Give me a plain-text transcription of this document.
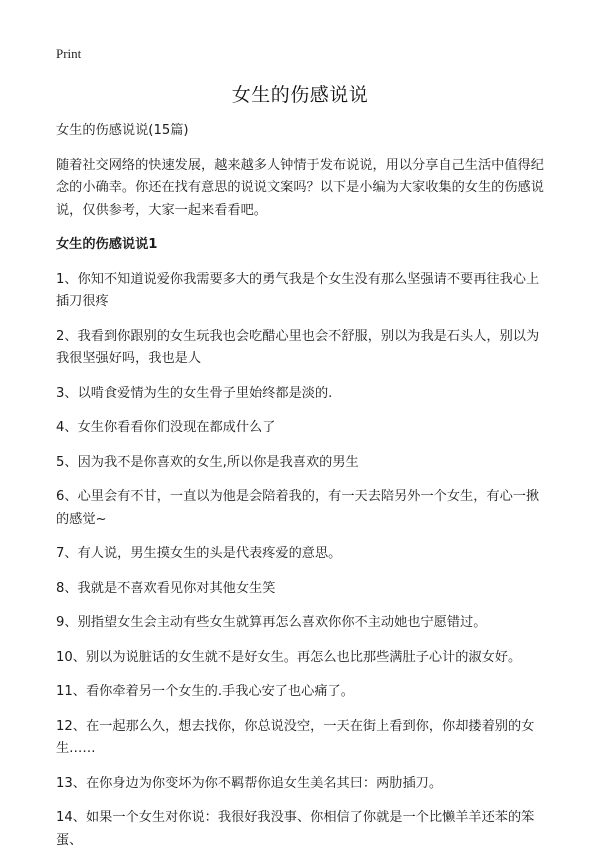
Print
女生的伤感说说

女生的伤感说说(15篇)

随着社交网络的快速发展，越来越多人钟情于发布说说，用以分享自己生活中值得纪念的小确幸。你还在找有意思的说说文案吗？以下是小编为大家收集的女生的伤感说说，仅供参考，大家一起来看看吧。

女生的伤感说说1

1、你知不知道说爱你我需要多大的勇气我是个女生没有那么坚强请不要再往我心上插刀很疼

2、我看到你跟别的女生玩我也会吃醋心里也会不舒服，别以为我是石头人，别以为我很坚强好吗，我也是人

3、以啃食爱情为生的女生骨子里始终都是淡的.

4、女生你看看你们没现在都成什么了

5、因为我不是你喜欢的女生,所以你是我喜欢的男生

6、心里会有不甘，一直以为他是会陪着我的，有一天去陪另外一个女生，有心一揪的感觉~

7、有人说，男生摸女生的头是代表疼爱的意思。

8、我就是不喜欢看见你对其他女生笑

9、别指望女生会主动有些女生就算再怎么喜欢你你不主动她也宁愿错过。

10、别以为说脏话的女生就不是好女生。再怎么也比那些满肚子心计的淑女好。

11、看你牵着另一个女生的.手我心安了也心痛了。

12、在一起那么久，想去找你，你总说没空，一天在街上看到你，你却搂着别的女生……

13、在你身边为你变坏为你不羁帮你追女生美名其曰：两肋插刀。

14、如果一个女生对你说：我很好我没事、你相信了你就是一个比懒羊羊还苯的笨蛋、
